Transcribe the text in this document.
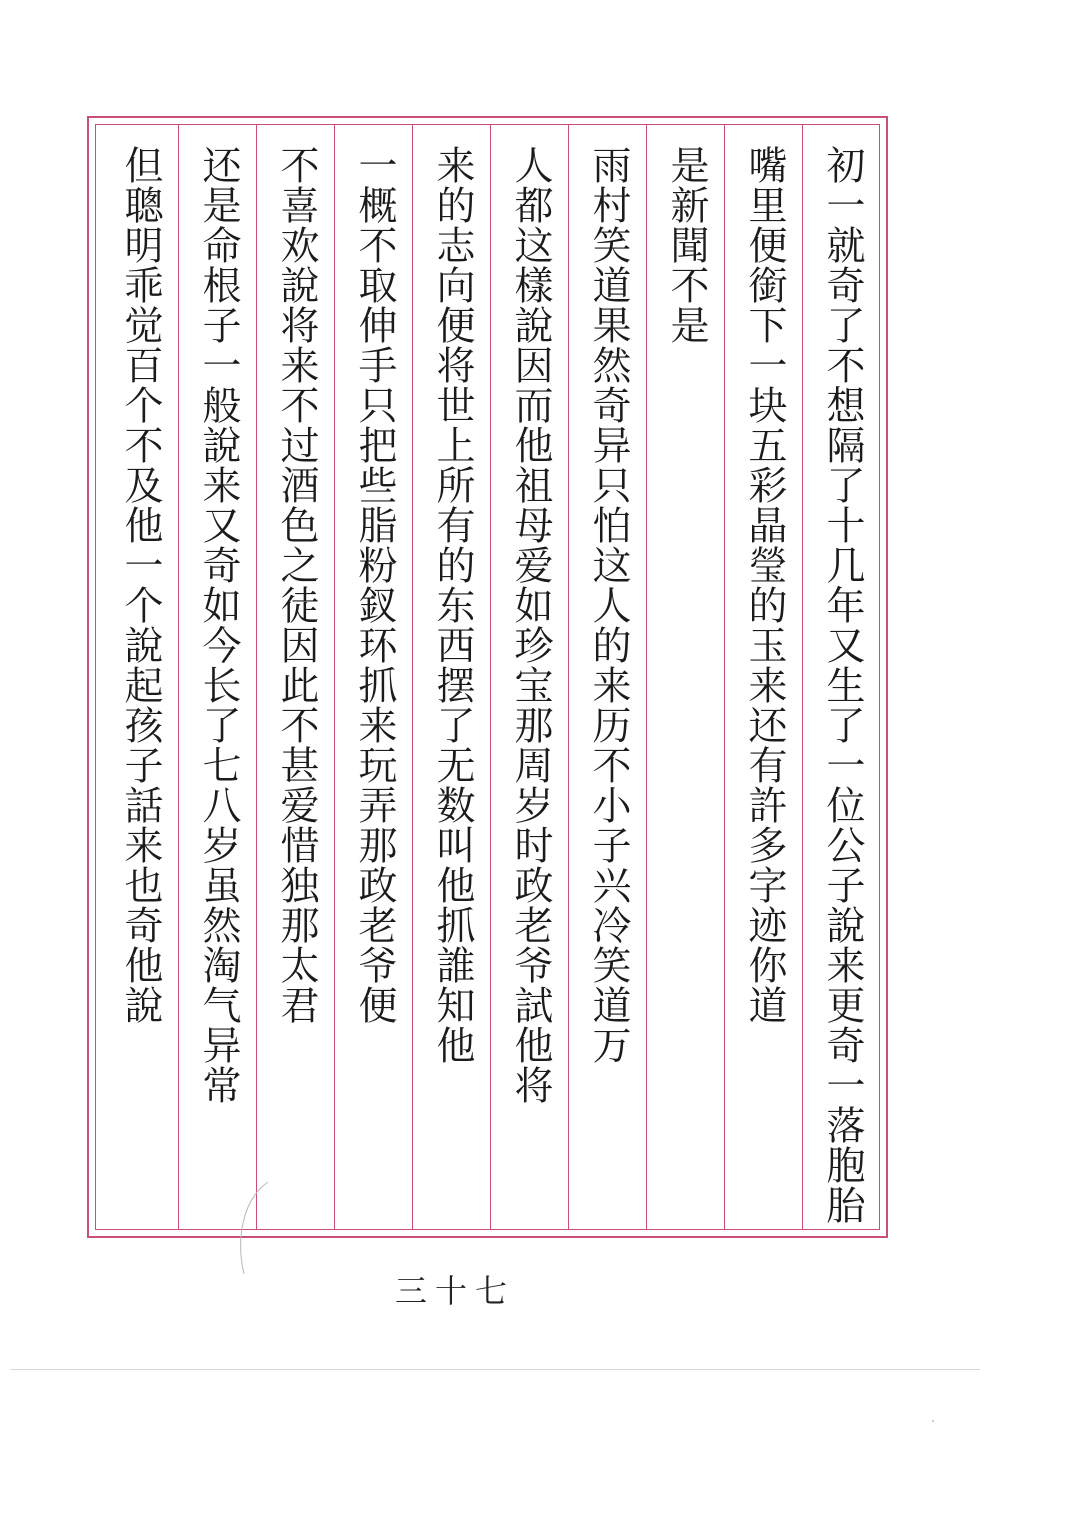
初一就奇了不想隔了十几年又生了一位公子說来更奇一落胞胎
嘴里便銜下一块五彩晶瑩的玉来还有許多字迹你道
是新聞不是
雨村笑道果然奇异只怕这人的来历不小子兴冷笑道万
人都这樣說因而他祖母爱如珍宝那周岁时政老爷試他将
来的志向便将世上所有的东西摆了无数叫他抓誰知他
一概不取伸手只把些脂粉釵环抓来玩弄那政老爷便
不喜欢說将来不过酒色之徒因此不甚爱惜独那太君
还是命根子一般說来又奇如今长了七八岁虽然淘气异常
但聰明乖觉百个不及他一个說起孩子話来也奇他說
三十七
